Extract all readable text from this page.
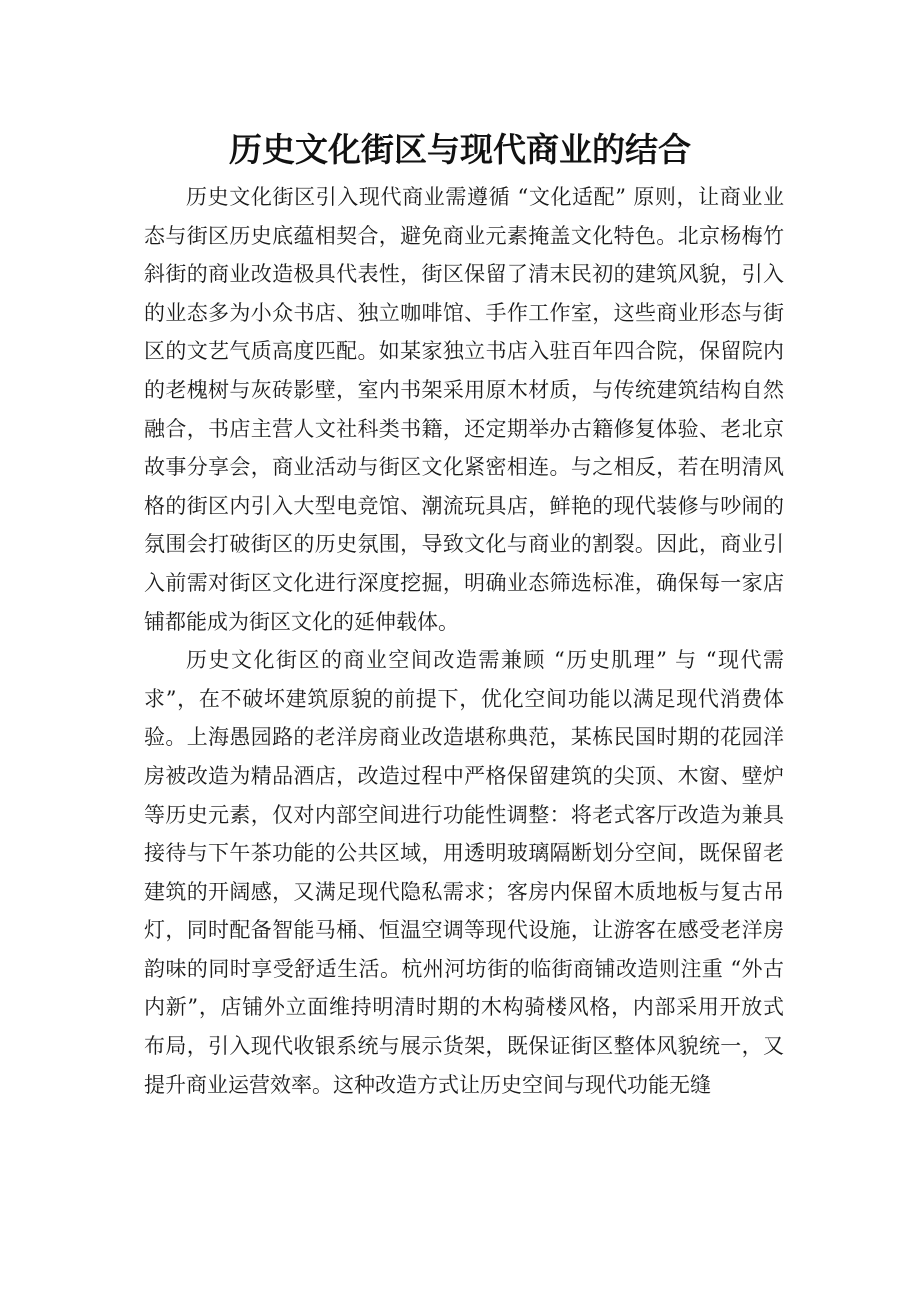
历史文化街区与现代商业的结合

历史文化街区引入现代商业需遵循 “文化适配” 原则，让商业业态与街区历史底蕴相契合，避免商业元素掩盖文化特色。北京杨梅竹斜街的商业改造极具代表性，街区保留了清末民初的建筑风貌，引入的业态多为小众书店、独立咖啡馆、手作工作室，这些商业形态与街区的文艺气质高度匹配。如某家独立书店入驻百年四合院，保留院内的老槐树与灰砖影壁，室内书架采用原木材质，与传统建筑结构自然融合，书店主营人文社科类书籍，还定期举办古籍修复体验、老北京故事分享会，商业活动与街区文化紧密相连。与之相反，若在明清风格的街区内引入大型电竞馆、潮流玩具店，鲜艳的现代装修与吵闹的氛围会打破街区的历史氛围，导致文化与商业的割裂。因此，商业引入前需对街区文化进行深度挖掘，明确业态筛选标准，确保每一家店铺都能成为街区文化的延伸载体。

历史文化街区的商业空间改造需兼顾 “历史肌理” 与 “现代需求”，在不破坏建筑原貌的前提下，优化空间功能以满足现代消费体验。上海愚园路的老洋房商业改造堪称典范，某栋民国时期的花园洋房被改造为精品酒店，改造过程中严格保留建筑的尖顶、木窗、壁炉等历史元素，仅对内部空间进行功能性调整：将老式客厅改造为兼具接待与下午茶功能的公共区域，用透明玻璃隔断划分空间，既保留老建筑的开阔感，又满足现代隐私需求；客房内保留木质地板与复古吊灯，同时配备智能马桶、恒温空调等现代设施，让游客在感受老洋房韵味的同时享受舒适生活。杭州河坊街的临街商铺改造则注重 “外古内新”，店铺外立面维持明清时期的木构骑楼风格，内部采用开放式布局，引入现代收银系统与展示货架，既保证街区整体风貌统一，又提升商业运营效率。这种改造方式让历史空间与现代功能无缝
